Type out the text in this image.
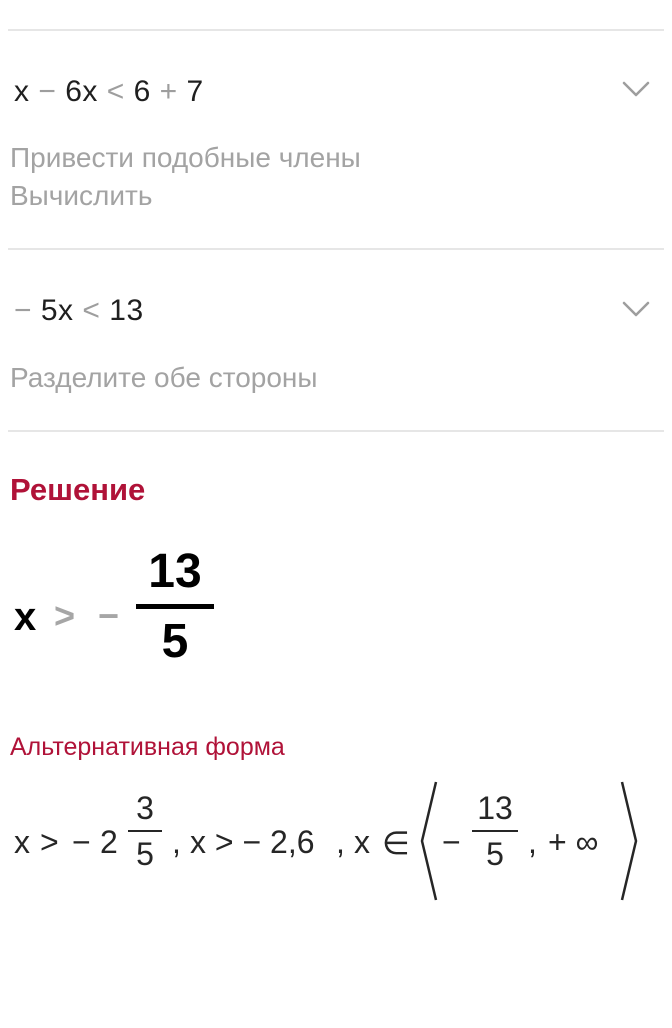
x − 6x < 6 + 7
Привести подобные члены
Вычислить
− 5x < 13
Разделите обе стороны
Решение
x > −
13
5
Альтернативная форма
x > − 2
3
5 , x > − 2,6 , x ∈ −
13
5 , + ∞
